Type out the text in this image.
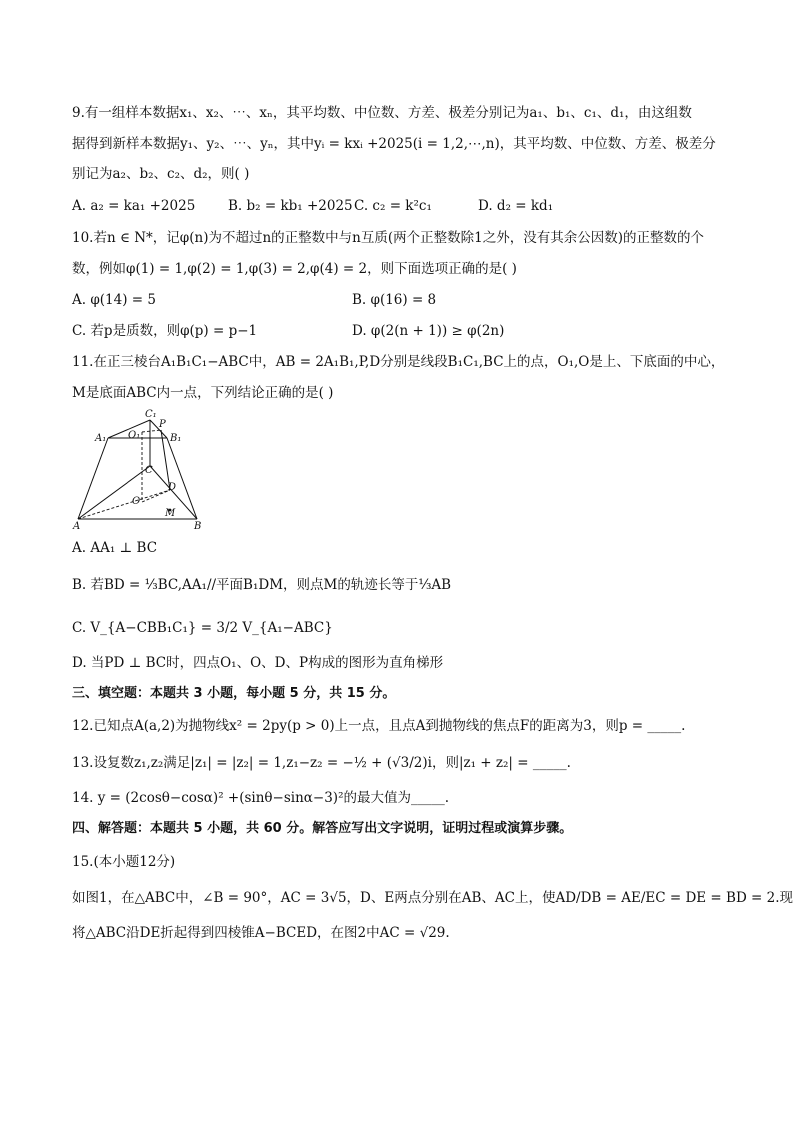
9.有一组样本数据x₁、x₂、⋯、xₙ，其平均数、中位数、方差、极差分别记为a₁、b₁、c₁、d₁，由这组数
据得到新样本数据y₁、y₂、⋯、yₙ，其中yᵢ = kxᵢ +2025(i = 1,2,⋯,n)，其平均数、中位数、方差、极差分
别记为a₂、b₂、c₂、d₂，则( )
A. a₂ = ka₁ +2025 B. b₂ = kb₁ +2025 C. c₂ = k²c₁	D. d₂ = kd₁
10.若n ∈ N*，记φ(n)为不超过n的正整数中与n互质(两个正整数除1之外，没有其余公因数)的正整数的个
数，例如φ(1) = 1,φ(2) = 1,φ(3) = 2,φ(4) = 2，则下面选项正确的是( )
A. φ(14) = 5	B. φ(16) = 8
C. 若p是质数，则φ(p) = p−1	D. φ(2(n + 1)) ≥ φ(2n)
11.在正三棱台A₁B₁C₁−ABC中，AB = 2A₁B₁,P,D分别是线段B₁C₁,BC上的点，O₁,O是上、下底面的中心，
M是底面ABC内一点，下列结论正确的是( )
C₁
P
A₁ O₁	B₁
C
D
O
M
A	B
A. AA₁ ⊥ BC
B. 若BD = ⅓BC,AA₁//平面B₁DM，则点M的轨迹长等于⅓AB
C. V_{A−CBB₁C₁} = 3/2 V_{A₁−ABC}
D. 当PD ⊥ BC时，四点O₁、O、D、P构成的图形为直角梯形
三、填空题：本题共 3 小题，每小题 5 分，共 15 分。
12.已知点A(a,2)为抛物线x² = 2py(p > 0)上一点，且点A到抛物线的焦点F的距离为3，则p = _____.
13.设复数z₁,z₂满足|z₁| = |z₂| = 1,z₁−z₂ = −½ + (√3/2)i，则|z₁ + z₂| = _____.
14. y = (2cosθ−cosα)² +(sinθ−sinα−3)²的最大值为_____.
四、解答题：本题共 5 小题，共 60 分。解答应写出文字说明，证明过程或演算步骤。
15.(本小题12分)
如图1，在△ABC中，∠B = 90°，AC = 3√5，D、E两点分别在AB、AC上，使AD/DB = AE/EC = DE = BD = 2.现
将△ABC沿DE折起得到四棱锥A−BCED，在图2中AC = √29.
